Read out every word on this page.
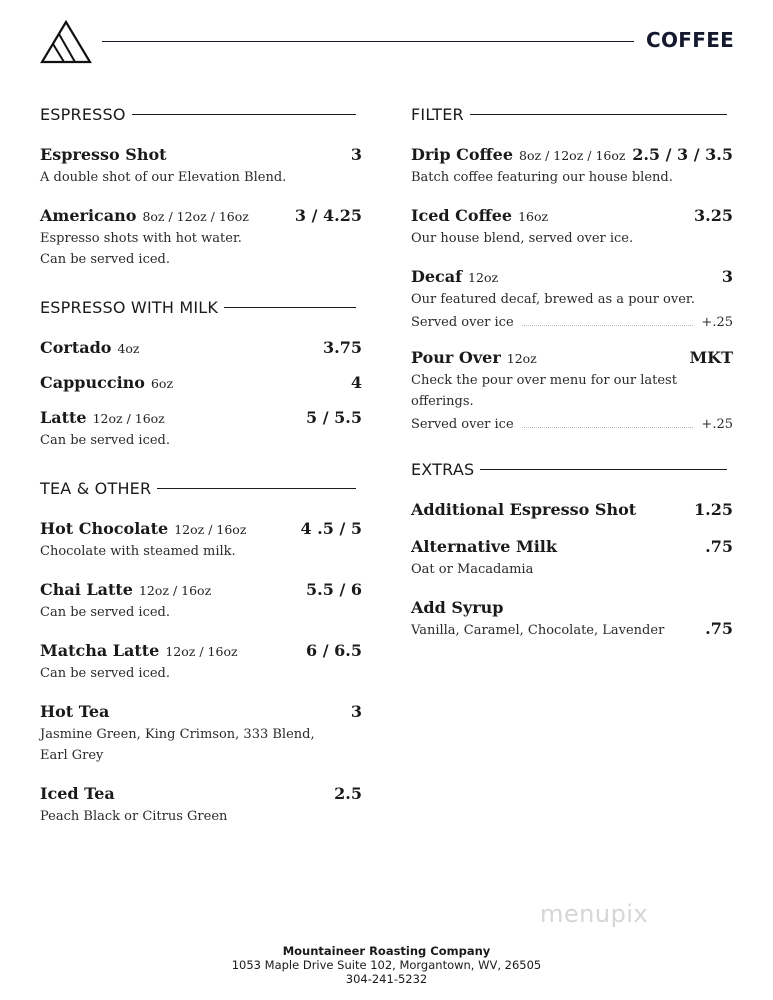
COFFEE
ESPRESSO
Espresso Shot	3
A double shot of our Elevation Blend.
Americano 8oz / 12oz / 16oz	3 / 4.25
Espresso shots with hot water.
Can be served iced.
ESPRESSO WITH MILK
Cortado 4oz	3.75
Cappuccino 6oz	4
Latte 12oz / 16oz	5 / 5.5
Can be served iced.
TEA & OTHER
Hot Chocolate 12oz / 16oz	4 .5 / 5
Chocolate with steamed milk.
Chai Latte 12oz / 16oz	5.5 / 6
Can be served iced.
Matcha Latte 12oz / 16oz	6 / 6.5
Can be served iced.
Hot Tea	3
Jasmine Green, King Crimson, 333 Blend,
Earl Grey
Iced Tea	2.5
Peach Black or Citrus Green
FILTER
Drip Coffee 8oz / 12oz / 16oz 2.5 / 3 / 3.5
Batch coffee featuring our house blend.
Iced Coffee 16oz	3.25
Our house blend, served over ice.
Decaf 12oz	3
Our featured decaf, brewed as a pour over.
Served over ice	+.25
Pour Over 12oz	MKT
Check the pour over menu for our latest
offerings.
Served over ice	+.25
EXTRAS
Additional Espresso Shot	1.25
Alternative Milk	.75
Oat or Macadamia
Add Syrup
Vanilla, Caramel, Chocolate, Lavender	.75
menupix
Mountaineer Roasting Company
1053 Maple Drive Suite 102, Morgantown, WV, 26505
304-241-5232
